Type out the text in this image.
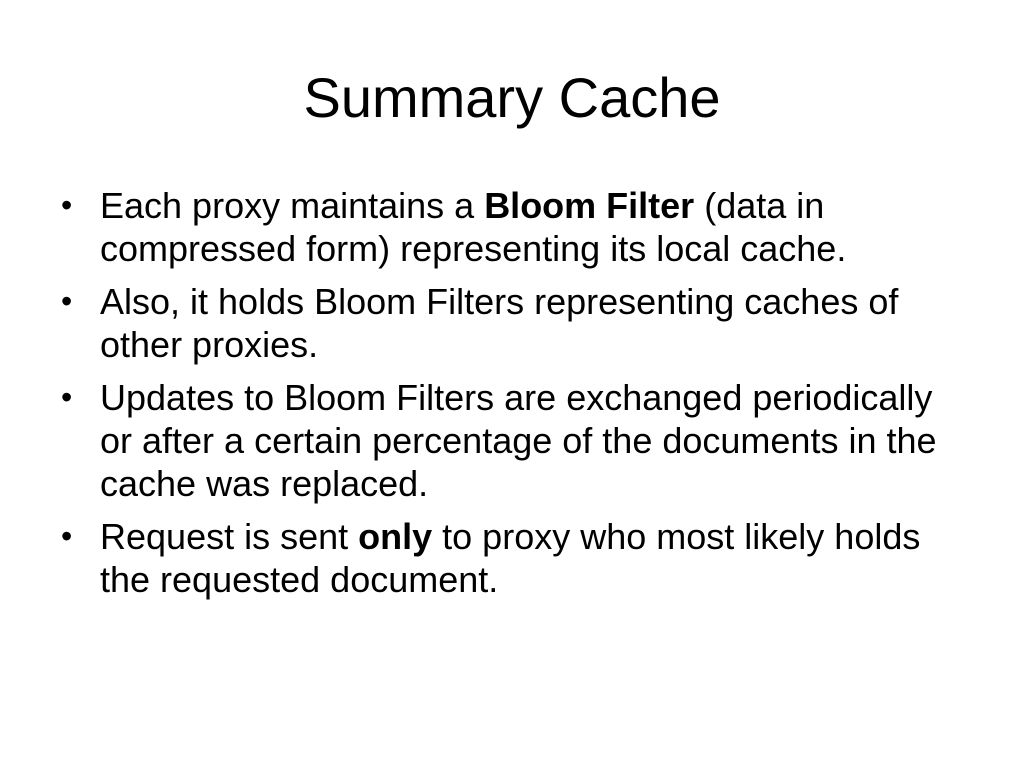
Summary Cache
• Each proxy maintains a Bloom Filter (data in compressed form) representing its local cache.
• Also, it holds Bloom Filters representing caches of other proxies.
• Updates to Bloom Filters are exchanged periodically or after a certain percentage of the documents in the cache was replaced.
• Request is sent only to proxy who most likely holds the requested document.
